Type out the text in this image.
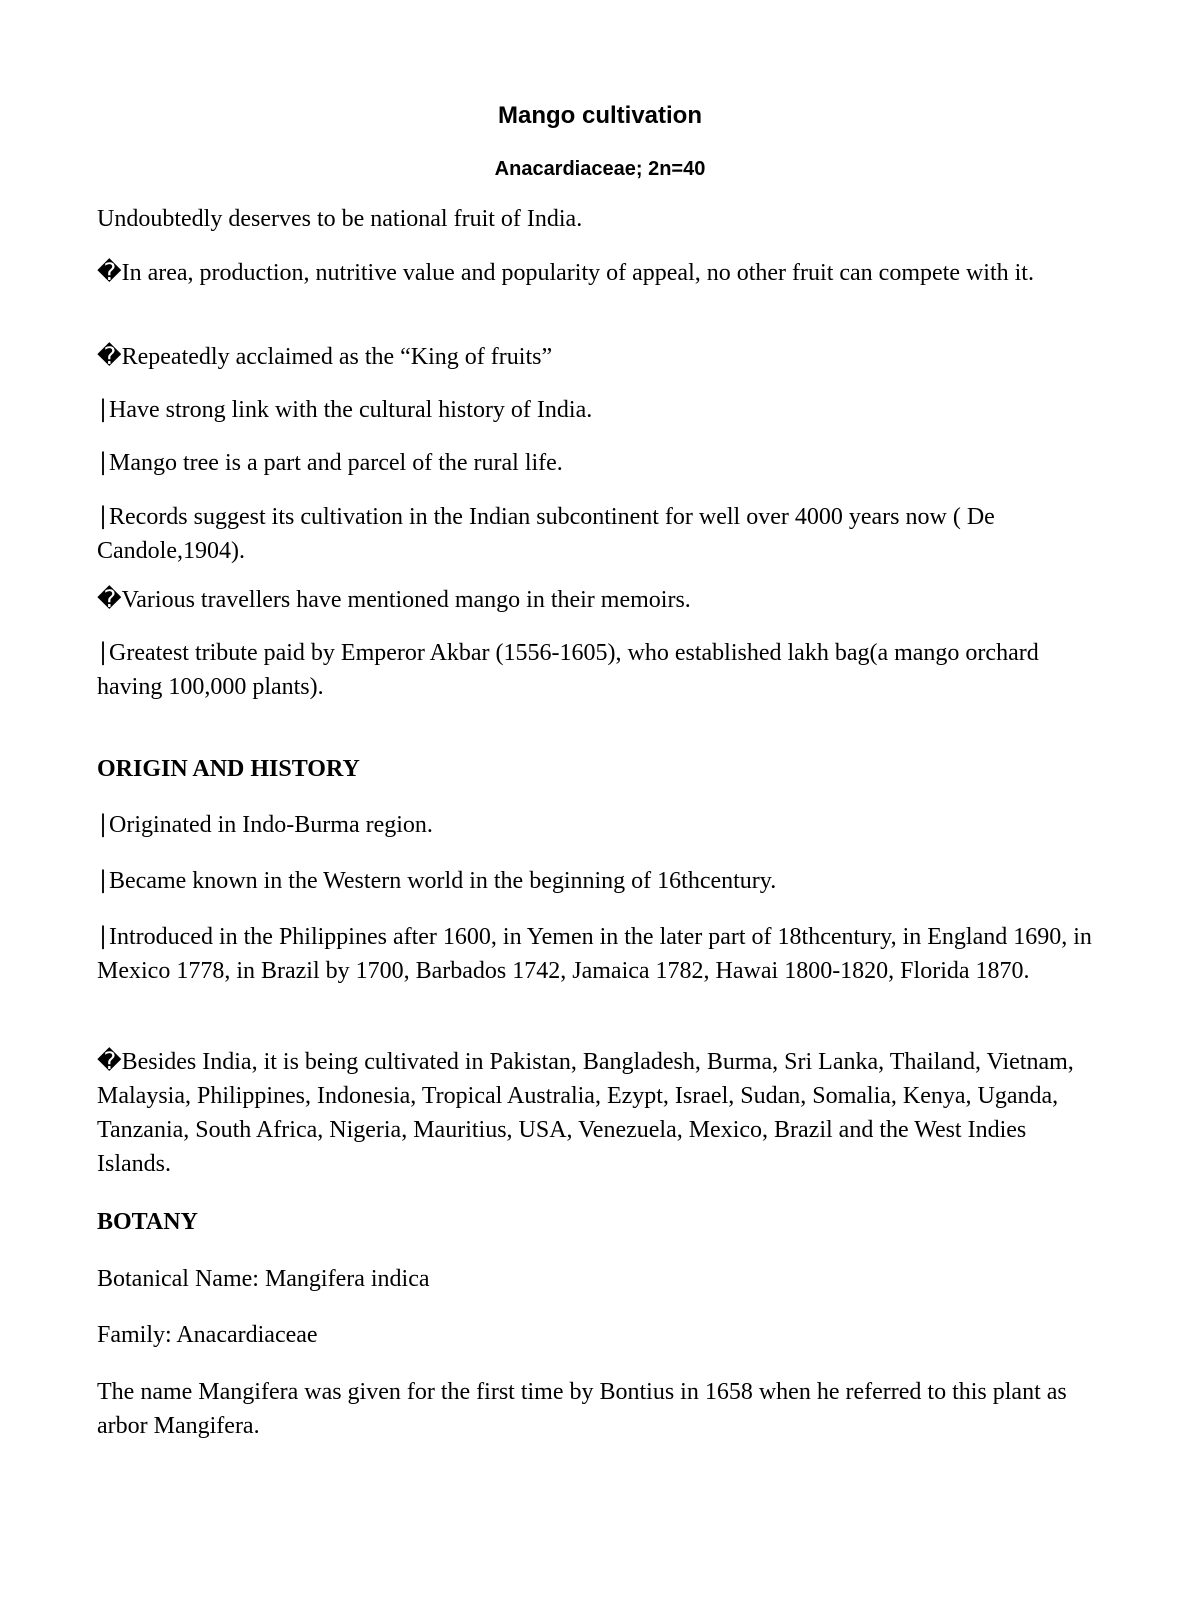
Mango cultivation
Anacardiaceae; 2n=40

Undoubtedly deserves to be national fruit of India.

�In area, production, nutritive value and popularity of appeal, no other fruit can compete with it.

�Repeatedly acclaimed as the “King of fruits”

∣Have strong link with the cultural history of India.

∣Mango tree is a part and parcel of the rural life.

∣Records suggest its cultivation in the Indian subcontinent for well over 4000 years now ( De Candole,1904).

�Various travellers have mentioned mango in their memoirs.

∣Greatest tribute paid by Emperor Akbar (1556-1605), who established lakh bag(a mango orchard having 100,000 plants).

ORIGIN AND HISTORY

∣Originated in Indo-Burma region.

∣Became known in the Western world in the beginning of 16thcentury.

∣Introduced in the Philippines after 1600, in Yemen in the later part of 18thcentury, in England 1690, in Mexico 1778, in Brazil by 1700, Barbados 1742, Jamaica 1782, Hawai 1800-1820, Florida 1870.

�Besides India, it is being cultivated in Pakistan, Bangladesh, Burma, Sri Lanka, Thailand, Vietnam, Malaysia, Philippines, Indonesia, Tropical Australia, Ezypt, Israel, Sudan, Somalia, Kenya, Uganda, Tanzania, South Africa, Nigeria, Mauritius, USA, Venezuela, Mexico, Brazil and the West Indies Islands.

BOTANY

Botanical Name: Mangifera indica

Family: Anacardiaceae

The name Mangifera was given for the first time by Bontius in 1658 when he referred to this plant as arbor Mangifera.
